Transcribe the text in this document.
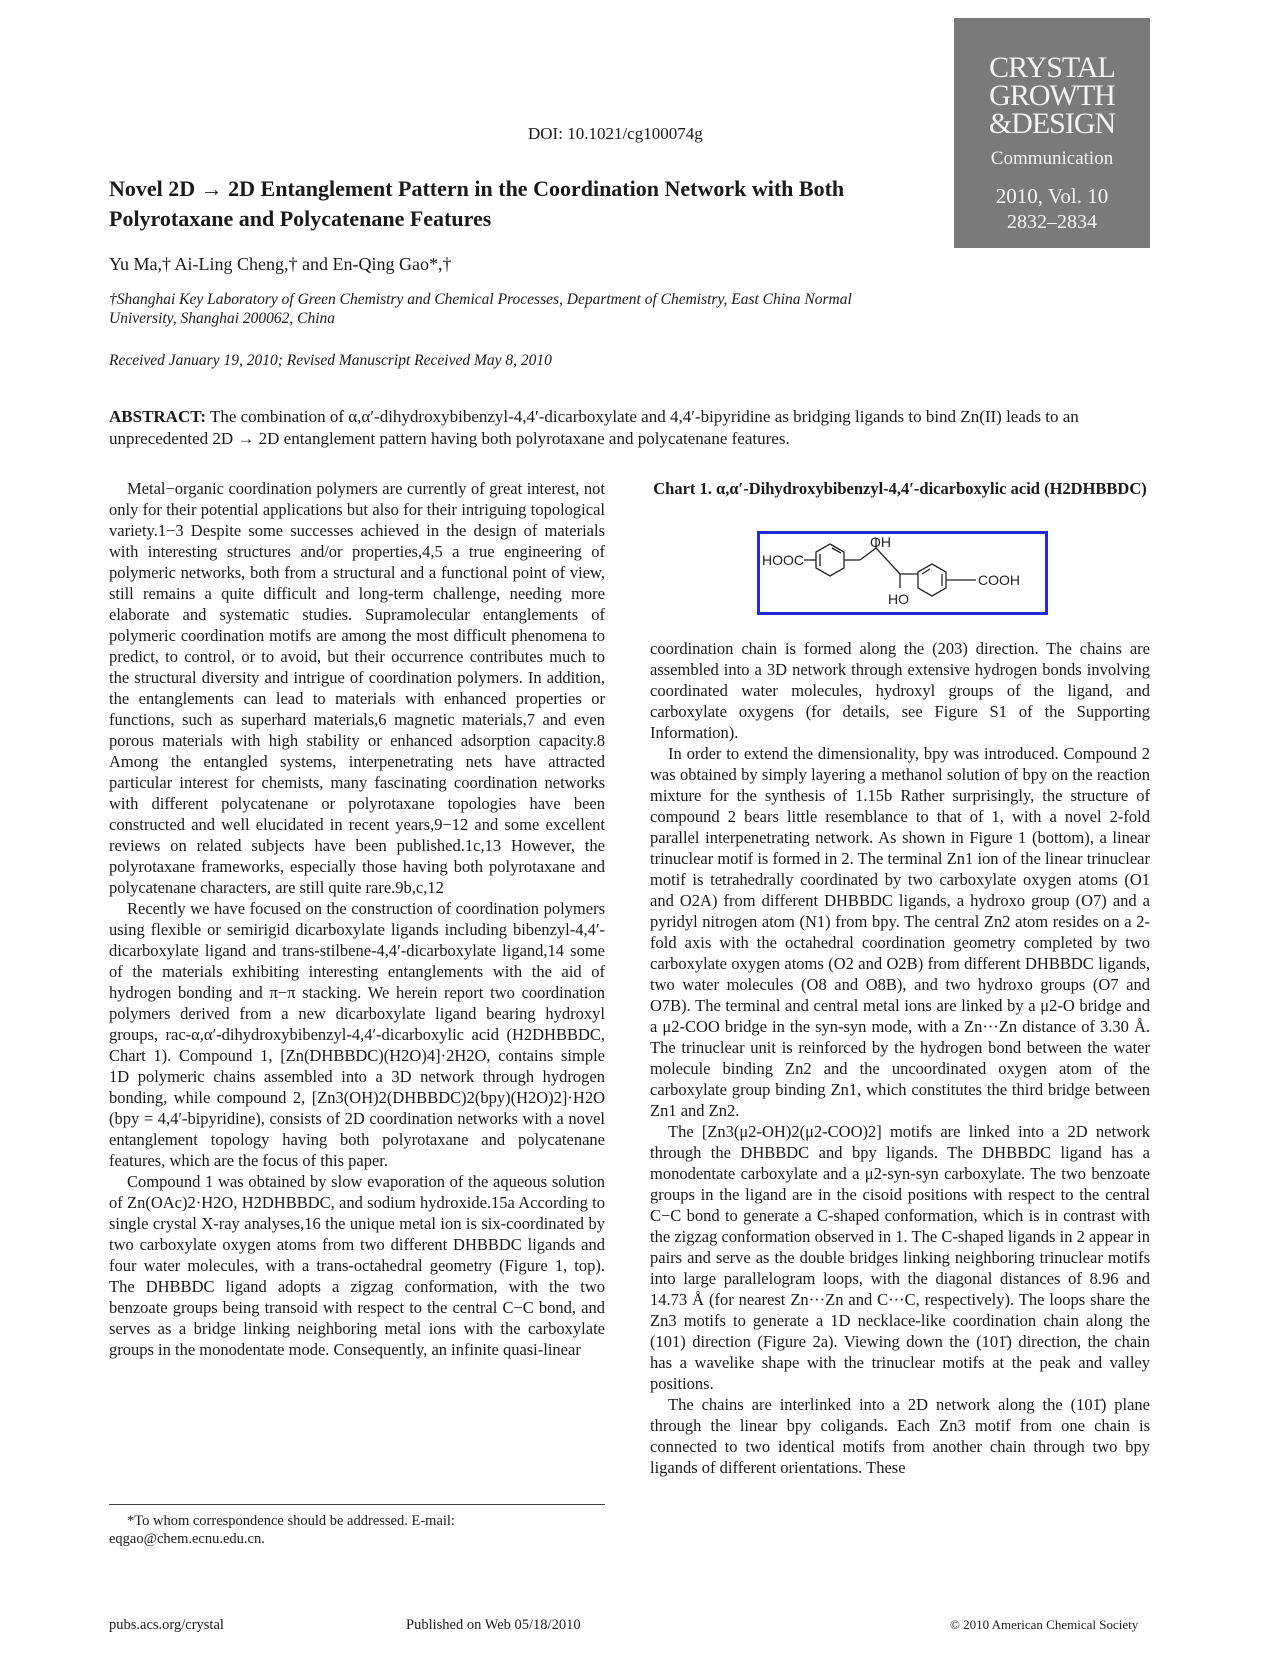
DOI: 10.1021/cg100074g
CRYSTAL
GROWTH
&DESIGN
Communication
2010, Vol. 10
2832–2834
Novel 2D → 2D Entanglement Pattern in the Coordination Network with Both Polyrotaxane and Polycatenane Features
Yu Ma,† Ai-Ling Cheng,† and En-Qing Gao*,†
†Shanghai Key Laboratory of Green Chemistry and Chemical Processes, Department of Chemistry, East China Normal University, Shanghai 200062, China
Received January 19, 2010; Revised Manuscript Received May 8, 2010
ABSTRACT: The combination of α,α′-dihydroxybibenzyl-4,4′-dicarboxylate and 4,4′-bipyridine as bridging ligands to bind Zn(II) leads to an unprecedented 2D → 2D entanglement pattern having both polyrotaxane and polycatenane features.

Metal−organic coordination polymers are currently of great interest, not only for their potential applications but also for their intriguing topological variety.1−3 Despite some successes achieved in the design of materials with interesting structures and/or properties,4,5 a true engineering of polymeric networks, both from a structural and a functional point of view, still remains a quite difficult and long-term challenge, needing more elaborate and systematic studies. Supramolecular entanglements of polymeric coordination motifs are among the most difficult phenomena to predict, to control, or to avoid, but their occurrence contributes much to the structural diversity and intrigue of coordination polymers. In addition, the entanglements can lead to materials with enhanced properties or functions, such as superhard materials,6 magnetic materials,7 and even porous materials with high stability or enhanced adsorption capacity.8 Among the entangled systems, interpenetrating nets have attracted particular interest for chemists, many fascinating coordination networks with different polycatenane or polyrotaxane topologies have been constructed and well elucidated in recent years,9−12 and some excellent reviews on related subjects have been published.1c,13 However, the polyrotaxane frameworks, especially those having both polyrotaxane and polycatenane characters, are still quite rare.9b,c,12

Recently we have focused on the construction of coordination polymers using flexible or semirigid dicarboxylate ligands including bibenzyl-4,4′-dicarboxylate ligand and trans-stilbene-4,4′-dicarboxylate ligand,14 some of the materials exhibiting interesting entanglements with the aid of hydrogen bonding and π−π stacking. We herein report two coordination polymers derived from a new dicarboxylate ligand bearing hydroxyl groups, rac-α,α′-dihydroxybibenzyl-4,4′-dicarboxylic acid (H2DHBBDC, Chart 1). Compound 1, [Zn(DHBBDC)(H2O)4]·2H2O, contains simple 1D polymeric chains assembled into a 3D network through hydrogen bonding, while compound 2, [Zn3(OH)2(DHBBDC)2(bpy)(H2O)2]·H2O (bpy = 4,4′-bipyridine), consists of 2D coordination networks with a novel entanglement topology having both polyrotaxane and polycatenane features, which are the focus of this paper.

Compound 1 was obtained by slow evaporation of the aqueous solution of Zn(OAc)2·H2O, H2DHBBDC, and sodium hydroxide.15a According to single crystal X-ray analyses,16 the unique metal ion is six-coordinated by two carboxylate oxygen atoms from two different DHBBDC ligands and four water molecules, with a trans-octahedral geometry (Figure 1, top). The DHBBDC ligand adopts a zigzag conformation, with the two benzoate groups being transoid with respect to the central C−C bond, and serves as a bridge linking neighboring metal ions with the carboxylate groups in the monodentate mode. Consequently, an infinite quasi-linear

Chart 1. α,α′-Dihydroxybibenzyl-4,4′-dicarboxylic acid (H2DHBBDC)
HOOC
OH
HO
COOH

coordination chain is formed along the (203) direction. The chains are assembled into a 3D network through extensive hydrogen bonds involving coordinated water molecules, hydroxyl groups of the ligand, and carboxylate oxygens (for details, see Figure S1 of the Supporting Information).

In order to extend the dimensionality, bpy was introduced. Compound 2 was obtained by simply layering a methanol solution of bpy on the reaction mixture for the synthesis of 1.15b Rather surprisingly, the structure of compound 2 bears little resemblance to that of 1, with a novel 2-fold parallel interpenetrating network. As shown in Figure 1 (bottom), a linear trinuclear motif is formed in 2. The terminal Zn1 ion of the linear trinuclear motif is tetrahedrally coordinated by two carboxylate oxygen atoms (O1 and O2A) from different DHBBDC ligands, a hydroxo group (O7) and a pyridyl nitrogen atom (N1) from bpy. The central Zn2 atom resides on a 2-fold axis with the octahedral coordination geometry completed by two carboxylate oxygen atoms (O2 and O2B) from different DHBBDC ligands, two water molecules (O8 and O8B), and two hydroxo groups (O7 and O7B). The terminal and central metal ions are linked by a μ2-O bridge and a μ2-COO bridge in the syn-syn mode, with a Zn···Zn distance of 3.30 Å. The trinuclear unit is reinforced by the hydrogen bond between the water molecule binding Zn2 and the uncoordinated oxygen atom of the carboxylate group binding Zn1, which constitutes the third bridge between Zn1 and Zn2.

The [Zn3(μ2-OH)2(μ2-COO)2] motifs are linked into a 2D network through the DHBBDC and bpy ligands. The DHBBDC ligand has a monodentate carboxylate and a μ2-syn-syn carboxylate. The two benzoate groups in the ligand are in the cisoid positions with respect to the central C−C bond to generate a C-shaped conformation, which is in contrast with the zigzag conformation observed in 1. The C-shaped ligands in 2 appear in pairs and serve as the double bridges linking neighboring trinuclear motifs into large parallelogram loops, with the diagonal distances of 8.96 and 14.73 Å (for nearest Zn···Zn and C···C, respectively). The loops share the Zn3 motifs to generate a 1D necklace-like coordination chain along the (101) direction (Figure 2a). Viewing down the (101̄) direction, the chain has a wavelike shape with the trinuclear motifs at the peak and valley positions.

The chains are interlinked into a 2D network along the (101̄) plane through the linear bpy coligands. Each Zn3 motif from one chain is connected to two identical motifs from another chain through two bpy ligands of different orientations. These

*To whom correspondence should be addressed. E-mail: eqgao@chem.ecnu.edu.cn.
pubs.acs.org/crystal	Published on Web 05/18/2010	© 2010 American Chemical Society
